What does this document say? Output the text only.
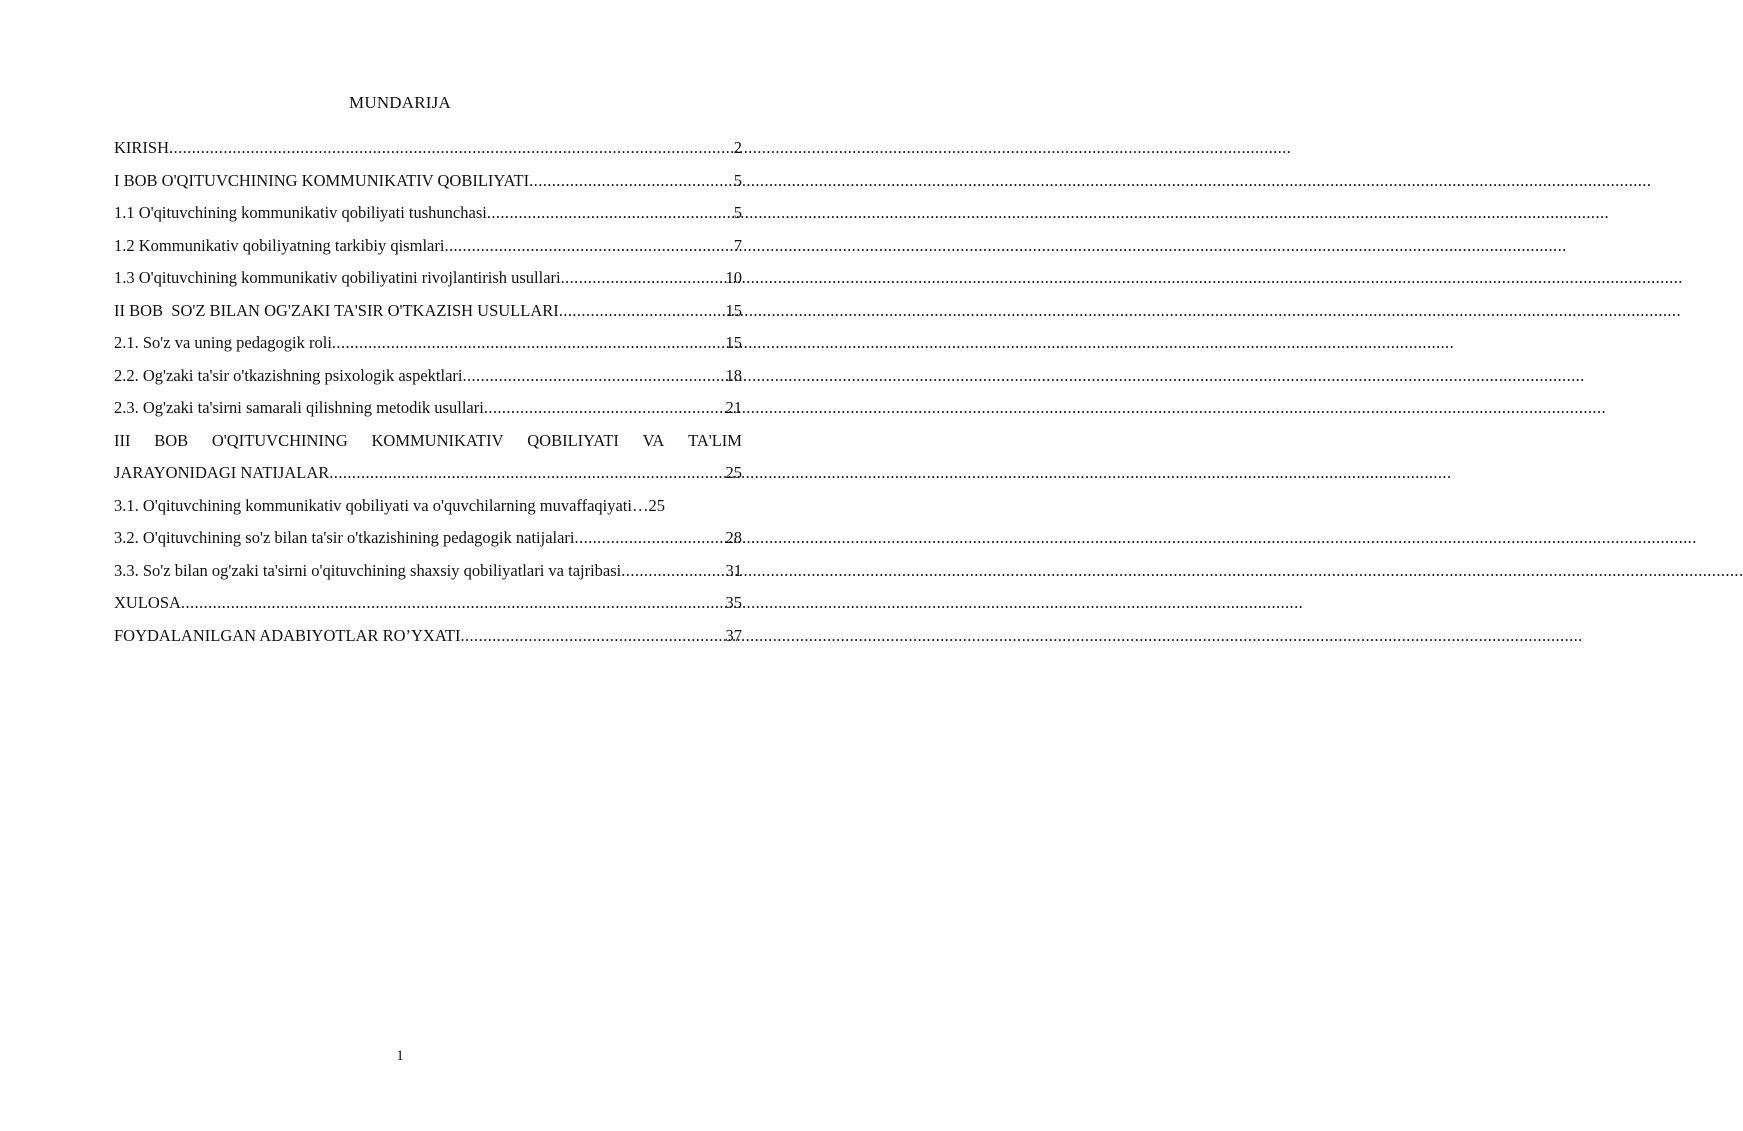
MUNDARIJA
KIRISH .....	2
I BOB O'QITUVCHINING KOMMUNIKATIV QOBILIYATI .....	5
1.1 O'qituvchining kommunikativ qobiliyati tushunchasi .....	5
1.2 Kommunikativ qobiliyatning tarkibiy qismlari .....	7
1.3 O'qituvchining kommunikativ qobiliyatini rivojlantirish usullari .....	10
II BOB  SO'Z BILAN OG'ZAKI TA'SIR O'TKAZISH USULLARI .....	15
2.1. So'z va uning pedagogik roli .....	15
2.2. Og'zaki ta'sir o'tkazishning psixologik aspektlari .....	18
2.3. Og'zaki ta'sirni samarali qilishning metodik usullari .....	21
III BOB O'QITUVCHINING KOMMUNIKATIV QOBILIYATI VA TA'LIM
JARAYONIDAGI NATIJALAR .....	25
3.1. O'qituvchining kommunikativ qobiliyati va o'quvchilarning muvaffaqiyati… 25
3.2. O'qituvchining so'z bilan ta'sir o'tkazishining pedagogik natijalari .....	28
3.3. So'z bilan og'zaki ta'sirni o'qituvchining shaxsiy qobiliyatlari va tajribasi .....	31
XULOSA .....	35
FOYDALANILGAN ADABIYOTLAR RO’YXATI .....	37
1
